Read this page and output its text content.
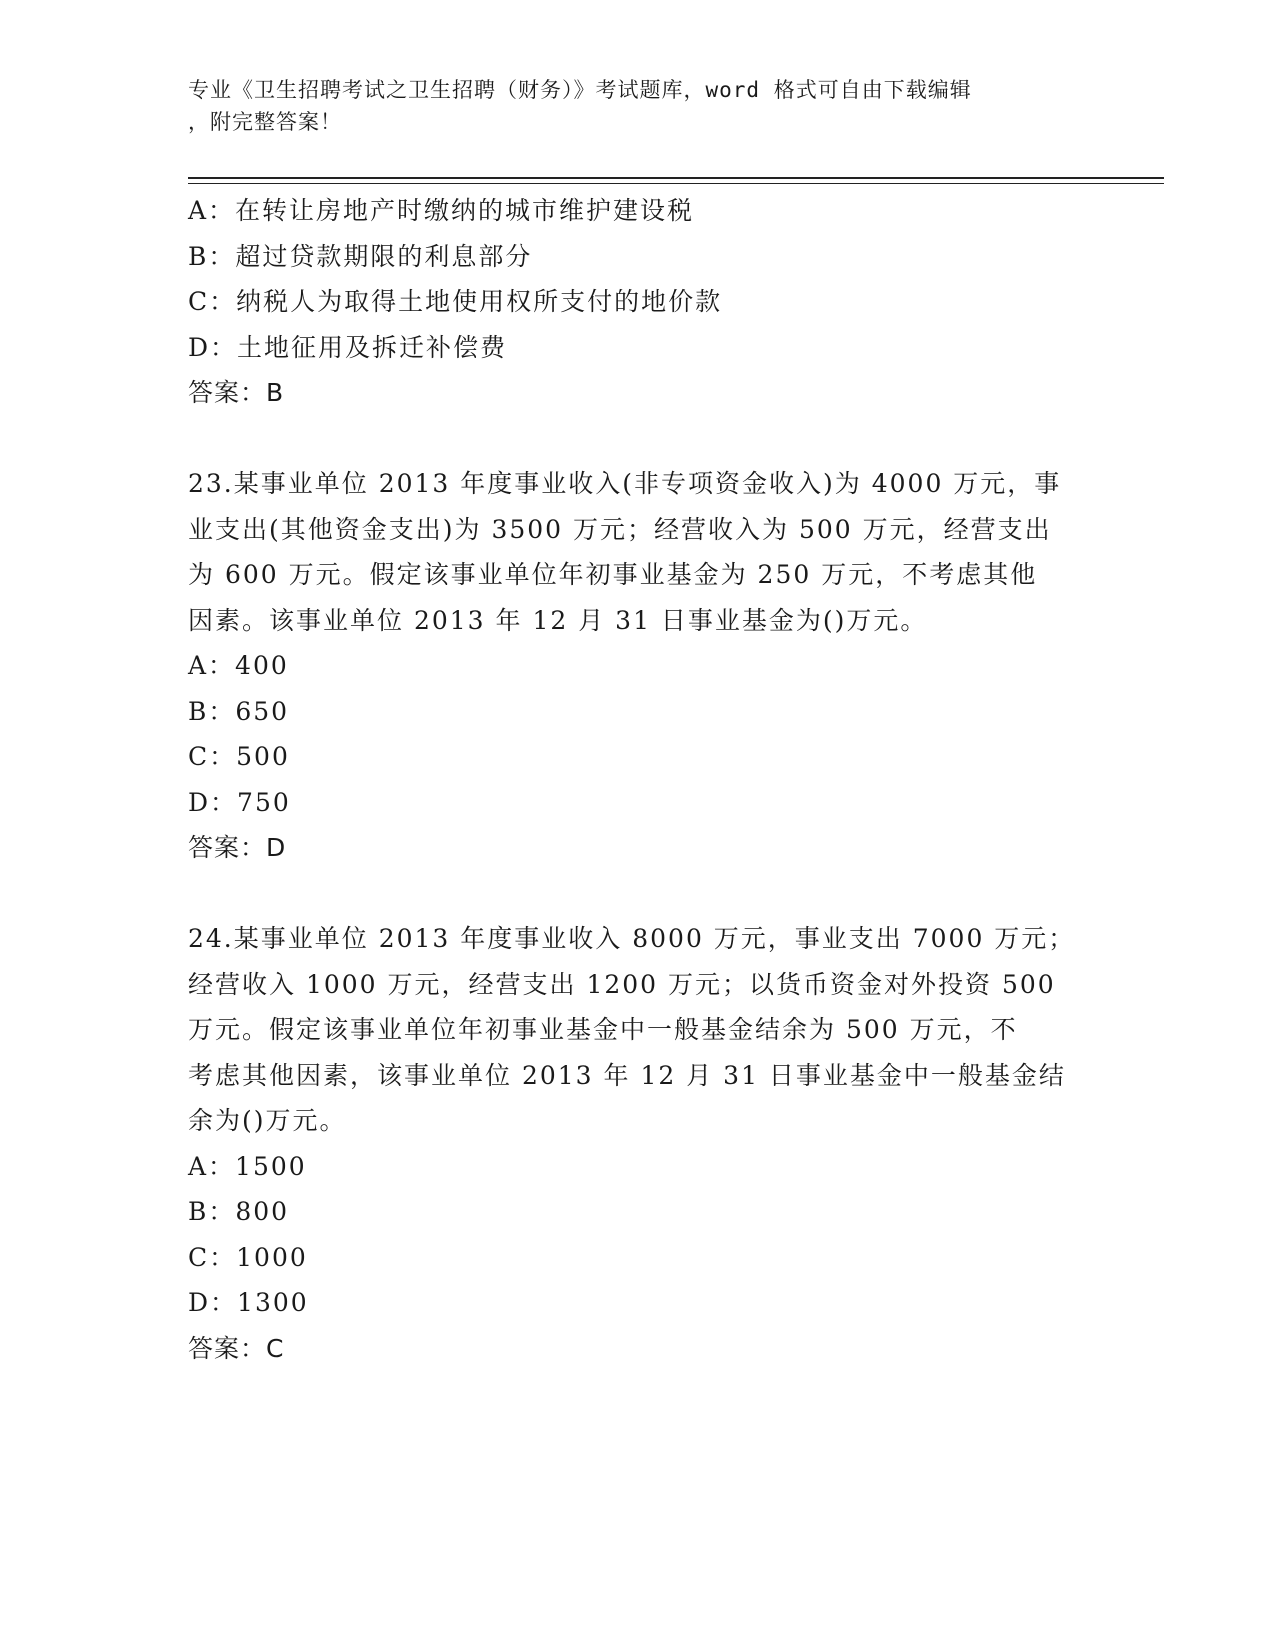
专业《卫生招聘考试之卫生招聘（财务）》考试题库，word 格式可自由下载编辑
，附完整答案！
A：在转让房地产时缴纳的城市维护建设税
B：超过贷款期限的利息部分
C：纳税人为取得土地使用权所支付的地价款
D：土地征用及拆迁补偿费
答案：B
23.某事业单位 2013 年度事业收入(非专项资金收入)为 4000 万元，事
业支出(其他资金支出)为 3500 万元；经营收入为 500 万元，经营支出
为 600 万元。假定该事业单位年初事业基金为 250 万元，不考虑其他
因素。该事业单位 2013 年 12 月 31 日事业基金为()万元。
A：400
B：650
C：500
D：750
答案：D
24.某事业单位 2013 年度事业收入 8000 万元，事业支出 7000 万元；
经营收入 1000 万元，经营支出 1200 万元；以货币资金对外投资 500
万元。假定该事业单位年初事业基金中一般基金结余为 500 万元，不
考虑其他因素，该事业单位 2013 年 12 月 31 日事业基金中一般基金结
余为()万元。
A：1500
B：800
C：1000
D：1300
答案：C
